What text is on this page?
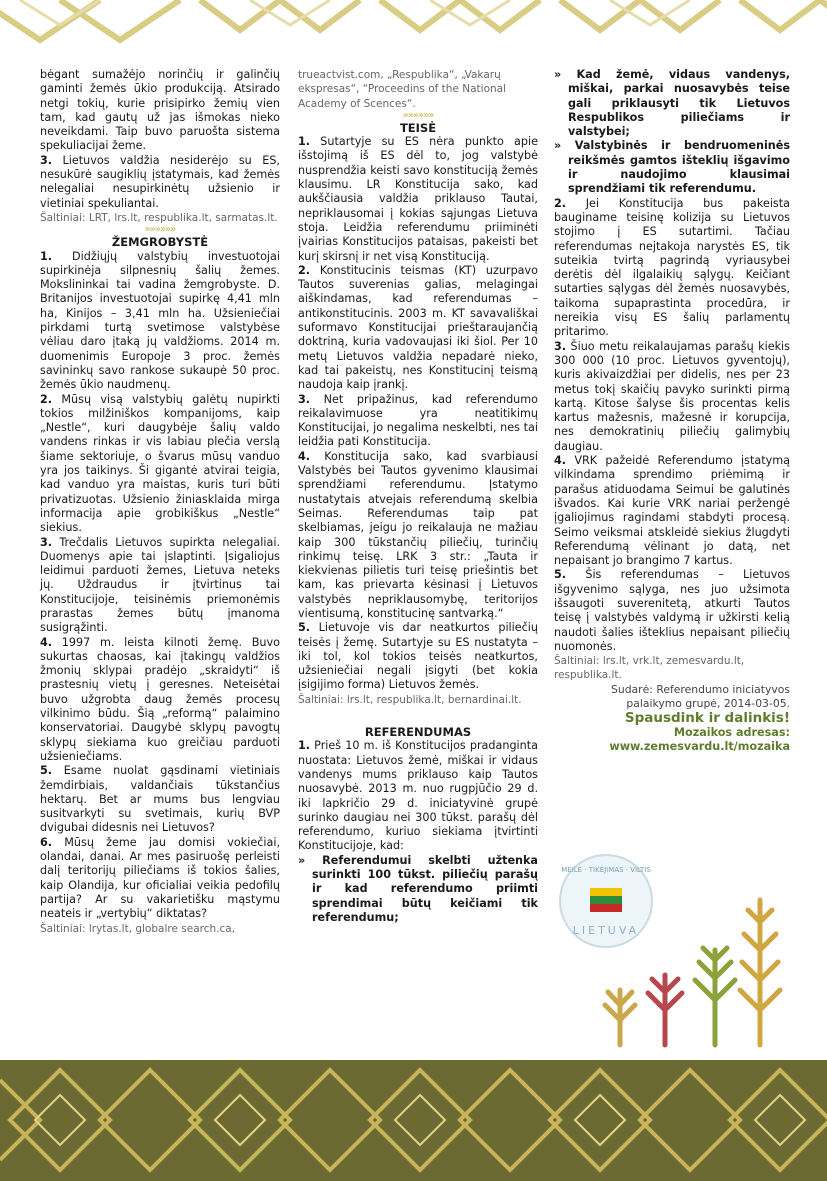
bėgant sumažėjo norinčių ir galinčių gaminti žemės ūkio produkciją. Atsirado netgi tokių, kurie prisipirko žemių vien tam, kad gautų už jas išmokas nieko neveikdami. Taip buvo paruošta sistema spekuliacijai žeme.

3. Lietuvos valdžia nesiderėjo su ES, nesukūrė saugiklių įstatymais, kad žemės nelegaliai nesupirkinėtų užsienio ir vietiniai spekuliantai.

Šaltiniai: LRT, lrs.lt, respublika.lt, sarmatas.lt.

»»»»»»

ŽEMGROBYSTĖ

1. Didžiųjų valstybių investuotojai supirkinėja silpnesnių šalių žemes. Mokslininkai tai vadina žemgrobyste. D. Britanijos investuotojai supirkę 4,41 mln ha, Kinijos – 3,41 mln ha. Užsieniečiai pirkdami turtą svetimose valstybėse vėliau daro įtaką jų valdžioms. 2014 m. duomenimis Europoje 3 proc. žemės savininkų savo rankose sukaupė 50 proc. žemės ūkio naudmenų.

2. Mūsų visą valstybių galėtų nupirkti tokios milžiniškos kompanijoms, kaip „Nestle“, kuri daugybėje šalių valdo vandens rinkas ir vis labiau plečia verslą šiame sektoriuje, o švarus mūsų vanduo yra jos taikinys. Ši gigantė atvirai teigia, kad vanduo yra maistas, kuris turi būti privatizuotas. Užsienio žiniasklaida mirga informacija apie grobikiškus „Nestle“ siekius.

3. Trečdalis Lietuvos supirkta nelegaliai. Duomenys apie tai įslaptinti. Įsigaliojus leidimui parduoti žemes, Lietuva neteks jų. Uždraudus ir įtvirtinus tai Konstitucijoje, teisinėmis priemonėmis prarastas žemes būtų įmanoma susigrąžinti.

4. 1997 m. leista kilnoti žemę. Buvo sukurtas chaosas, kai įtakingų valdžios žmonių sklypai pradėjo „skraidyti“ iš prastesnių vietų į geresnes. Neteisėtai buvo užgrobta daug žemės procesų vilkinimo būdu. Šią „reformą“ palaimino konservatoriai. Daugybė sklypų pavogtų sklypų siekiama kuo greičiau parduoti užsieniečiams.

5. Esame nuolat gąsdinami vietiniais žemdirbiais, valdančiais tūkstančius hektarų. Bet ar mums bus lengviau susitvarkyti su svetimais, kurių BVP dvigubai didesnis nei Lietuvos?

6. Mūsų žeme jau domisi vokiečiai, olandai, danai. Ar mes pasiruošę perleisti dalį teritorijų piliečiams iš tokios šalies, kaip Olandija, kur oficialiai veikia pedofilų partija? Ar su vakarietišku mąstymu neateis ir „vertybių“ diktatas?

Šaltiniai: lrytas.lt, globalre search.ca,

trueactvist.com, „Respublika“, „Vakarų ekspresas“, “Proceedins of the National Academy of Scences“.

»»»»»»

TEISĖ

1. Sutartyje su ES nėra punkto apie išstojimą iš ES dėl to, jog valstybė nusprendžia keisti savo konstituciją žemės klausimu. LR Konstitucija sako, kad aukščiausia valdžia priklauso Tautai, nepriklausomai į kokias sąjungas Lietuva stoja. Leidžia referendumu priiminėti įvairias Konstitucijos pataisas, pakeisti bet kurį skirsnį ir net visą Konstituciją.

2. Konstitucinis teismas (KT) uzurpavo Tautos suverenias galias, melagingai aiškindamas, kad referendumas – antikonstitucinis. 2003 m. KT savavališkai suformavo Konstitucijai prieštaraujančią doktriną, kuria vadovaujasi iki šiol. Per 10 metų Lietuvos valdžia nepadarė nieko, kad tai pakeistų, nes Konstitucinį teismą naudoja kaip įrankį.

3. Net pripažinus, kad referendumo reikalavimuose yra neatitikimų Konstitucijai, jo negalima neskelbti, nes tai leidžia pati Konstitucija.

4. Konstitucija sako, kad svarbiausi Valstybės bei Tautos gyvenimo klausimai sprendžiami referendumu. Įstatymo nustatytais atvejais referendumą skelbia Seimas. Referendumas taip pat skelbiamas, jeigu jo reikalauja ne mažiau kaip 300 tūkstančių piliečių, turinčių rinkimų teisę. LRK 3 str.: „Tauta ir kiekvienas pilietis turi teisę priešintis bet kam, kas prievarta kėsinasi į Lietuvos valstybės nepriklausomybę, teritorijos vientisumą, konstitucinę santvarką.“

5. Lietuvoje vis dar neatkurtos piliečių teisės į žemę. Sutartyje su ES nustatyta – iki tol, kol tokios teisės neatkurtos, užsieniečiai negali įsigyti (bet kokia įsigijimo forma) Lietuvos žemės.

Šaltiniai: lrs.lt, respublika.lt, bernardinai.lt.

REFERENDUMAS

1. Prieš 10 m. iš Konstitucijos pradanginta nuostata: Lietuvos žemė, miškai ir vidaus vandenys mums priklauso kaip Tautos nuosavybė. 2013 m. nuo rugpjūčio 29 d. iki lapkričio 29 d. iniciatyvinė grupė surinko daugiau nei 300 tūkst. parašų dėl referendumo, kuriuo siekiama įtvirtinti Konstitucijoje, kad:

» Referendumui skelbti užtenka surinkti 100 tūkst. piliečių parašų ir kad referendumo priimti sprendimai būtų keičiami tik referendumu;

» Kad žemė, vidaus vandenys, miškai, parkai nuosavybės teise gali priklausyti tik Lietuvos Respublikos piliečiams ir valstybei;

» Valstybinės ir bendruomeninės reikšmės gamtos išteklių išgavimo ir naudojimo klausimai sprendžiami tik referendumu.

2. Jei Konstitucija bus pakeista bauginame teisinę kolizija su Lietuvos stojimo į ES sutartimi. Tačiau referendumas nejtakoja narystės ES, tik suteikia tvirtą pagrindą vyriausybei derėtis dėl ilgalaikių sąlygų. Keičiant sutarties sąlygas dėl žemės nuosavybės, taikoma supaprastinta procedūra, ir nereikia visų ES šalių parlamentų pritarimo.

3. Šiuo metu reikalaujamas parašų kiekis 300 000 (10 proc. Lietuvos gyventojų), kuris akivaizdžiai per didelis, nes per 23 metus tokį skaičių pavyko surinkti pirmą kartą. Kitose šalyse šis procentas kelis kartus mažesnis, mažesnė ir korupcija, nes demokratinių piliečių galimybių daugiau.

4. VRK pažeidė Referendumo įstatymą vilkindama sprendimo priėmimą ir parašus atiduodama Seimui be galutinės išvados. Kai kurie VRK nariai peržengė įgaliojimus ragindami stabdyti procesą. Seimo veiksmai atskleidė siekius žlugdyti Referendumą vėlinant jo datą, net nepaisant jo brangimo 7 kartus.

5. Šis referendumas – Lietuvos išgyvenimo sąlyga, nes juo užsimota išsaugoti suverenitetą, atkurti Tautos teisę į valstybės valdymą ir užkirsti kelią naudoti šalies išteklius nepaisant piliečių nuomonės.

Šaltiniai: lrs.lt, vrk.lt, zemesvardu.lt, respublika.lt.

Sudarė: Referendumo iniciatyvos

palaikymo grupė, 2014-03-05.

Spausdink ir dalinkis!

Mozaikos adresas:

www.zemesvardu.lt/mozaika

MEILĖ · TIKĖJIMAS · VILTIS
LIETUVA
